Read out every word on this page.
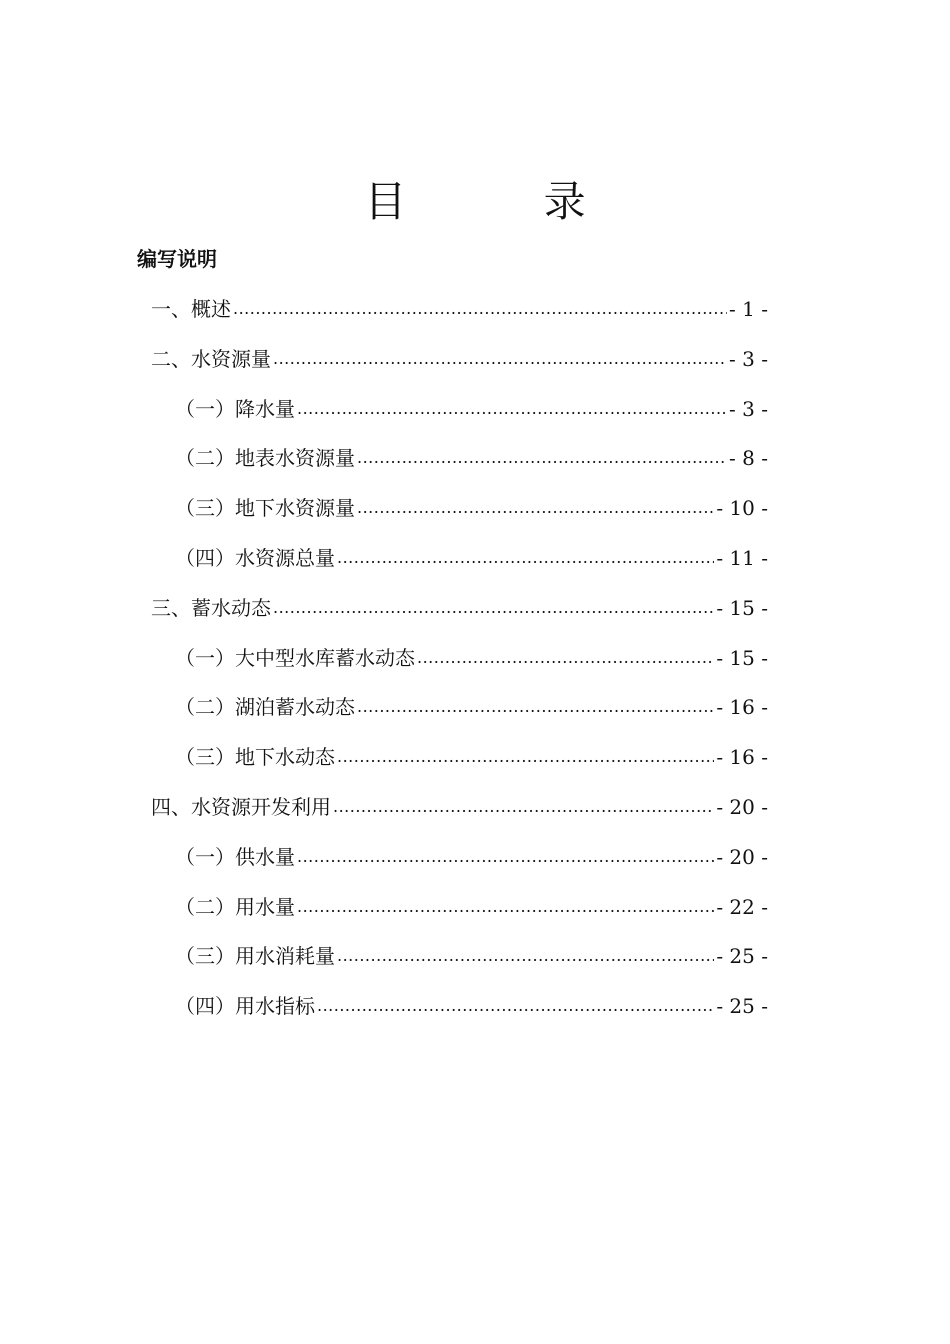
目 录
编写说明
一、概述 .....	- 1 -
二、水资源量 .....	- 3 -
（一）降水量 .....	- 3 -
（二）地表水资源量 .....	- 8 -
（三）地下水资源量 .....	- 10 -
（四）水资源总量 .....	- 11 -
三、蓄水动态 .....	- 15 -
（一）大中型水库蓄水动态 .....	- 15 -
（二）湖泊蓄水动态 .....	- 16 -
（三）地下水动态 .....	- 16 -
四、水资源开发利用 .....	- 20 -
（一）供水量 .....	- 20 -
（二）用水量 .....	- 22 -
（三）用水消耗量 .....	- 25 -
（四）用水指标 .....	- 25 -
